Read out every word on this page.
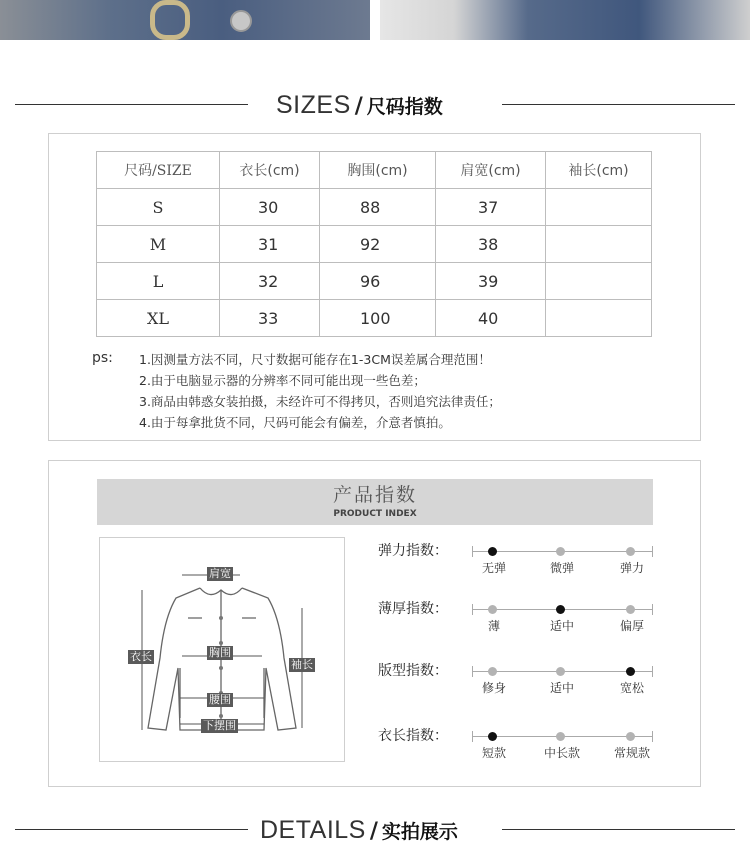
SIZES / 尺码指数
尺码/SIZE	衣长(cm)	胸围(cm)	肩宽(cm)	袖长(cm)
S	30	88	37	
M	31	92	38	
L	32	96	39	
XL	33	100	40	
ps: 1.因测量方法不同，尺寸数据可能存在1-3CM误差属合理范围！
2.由于电脑显示器的分辨率不同可能出现一些色差；
3.商品由韩惑女装拍摄，未经许可不得拷贝，否则追究法律责任；
4.由于每拿批货不同，尺码可能会有偏差，介意者慎拍。
产品指数
PRODUCT INDEX
肩宽
衣长	胸围
袖长
腰围
下摆围
弹力指数：
无弹	微弹	弹力
薄厚指数：
薄	适中	偏厚
版型指数：
修身	适中	宽松
衣长指数：
短款	中长款	常规款
DETAILS / 实拍展示
